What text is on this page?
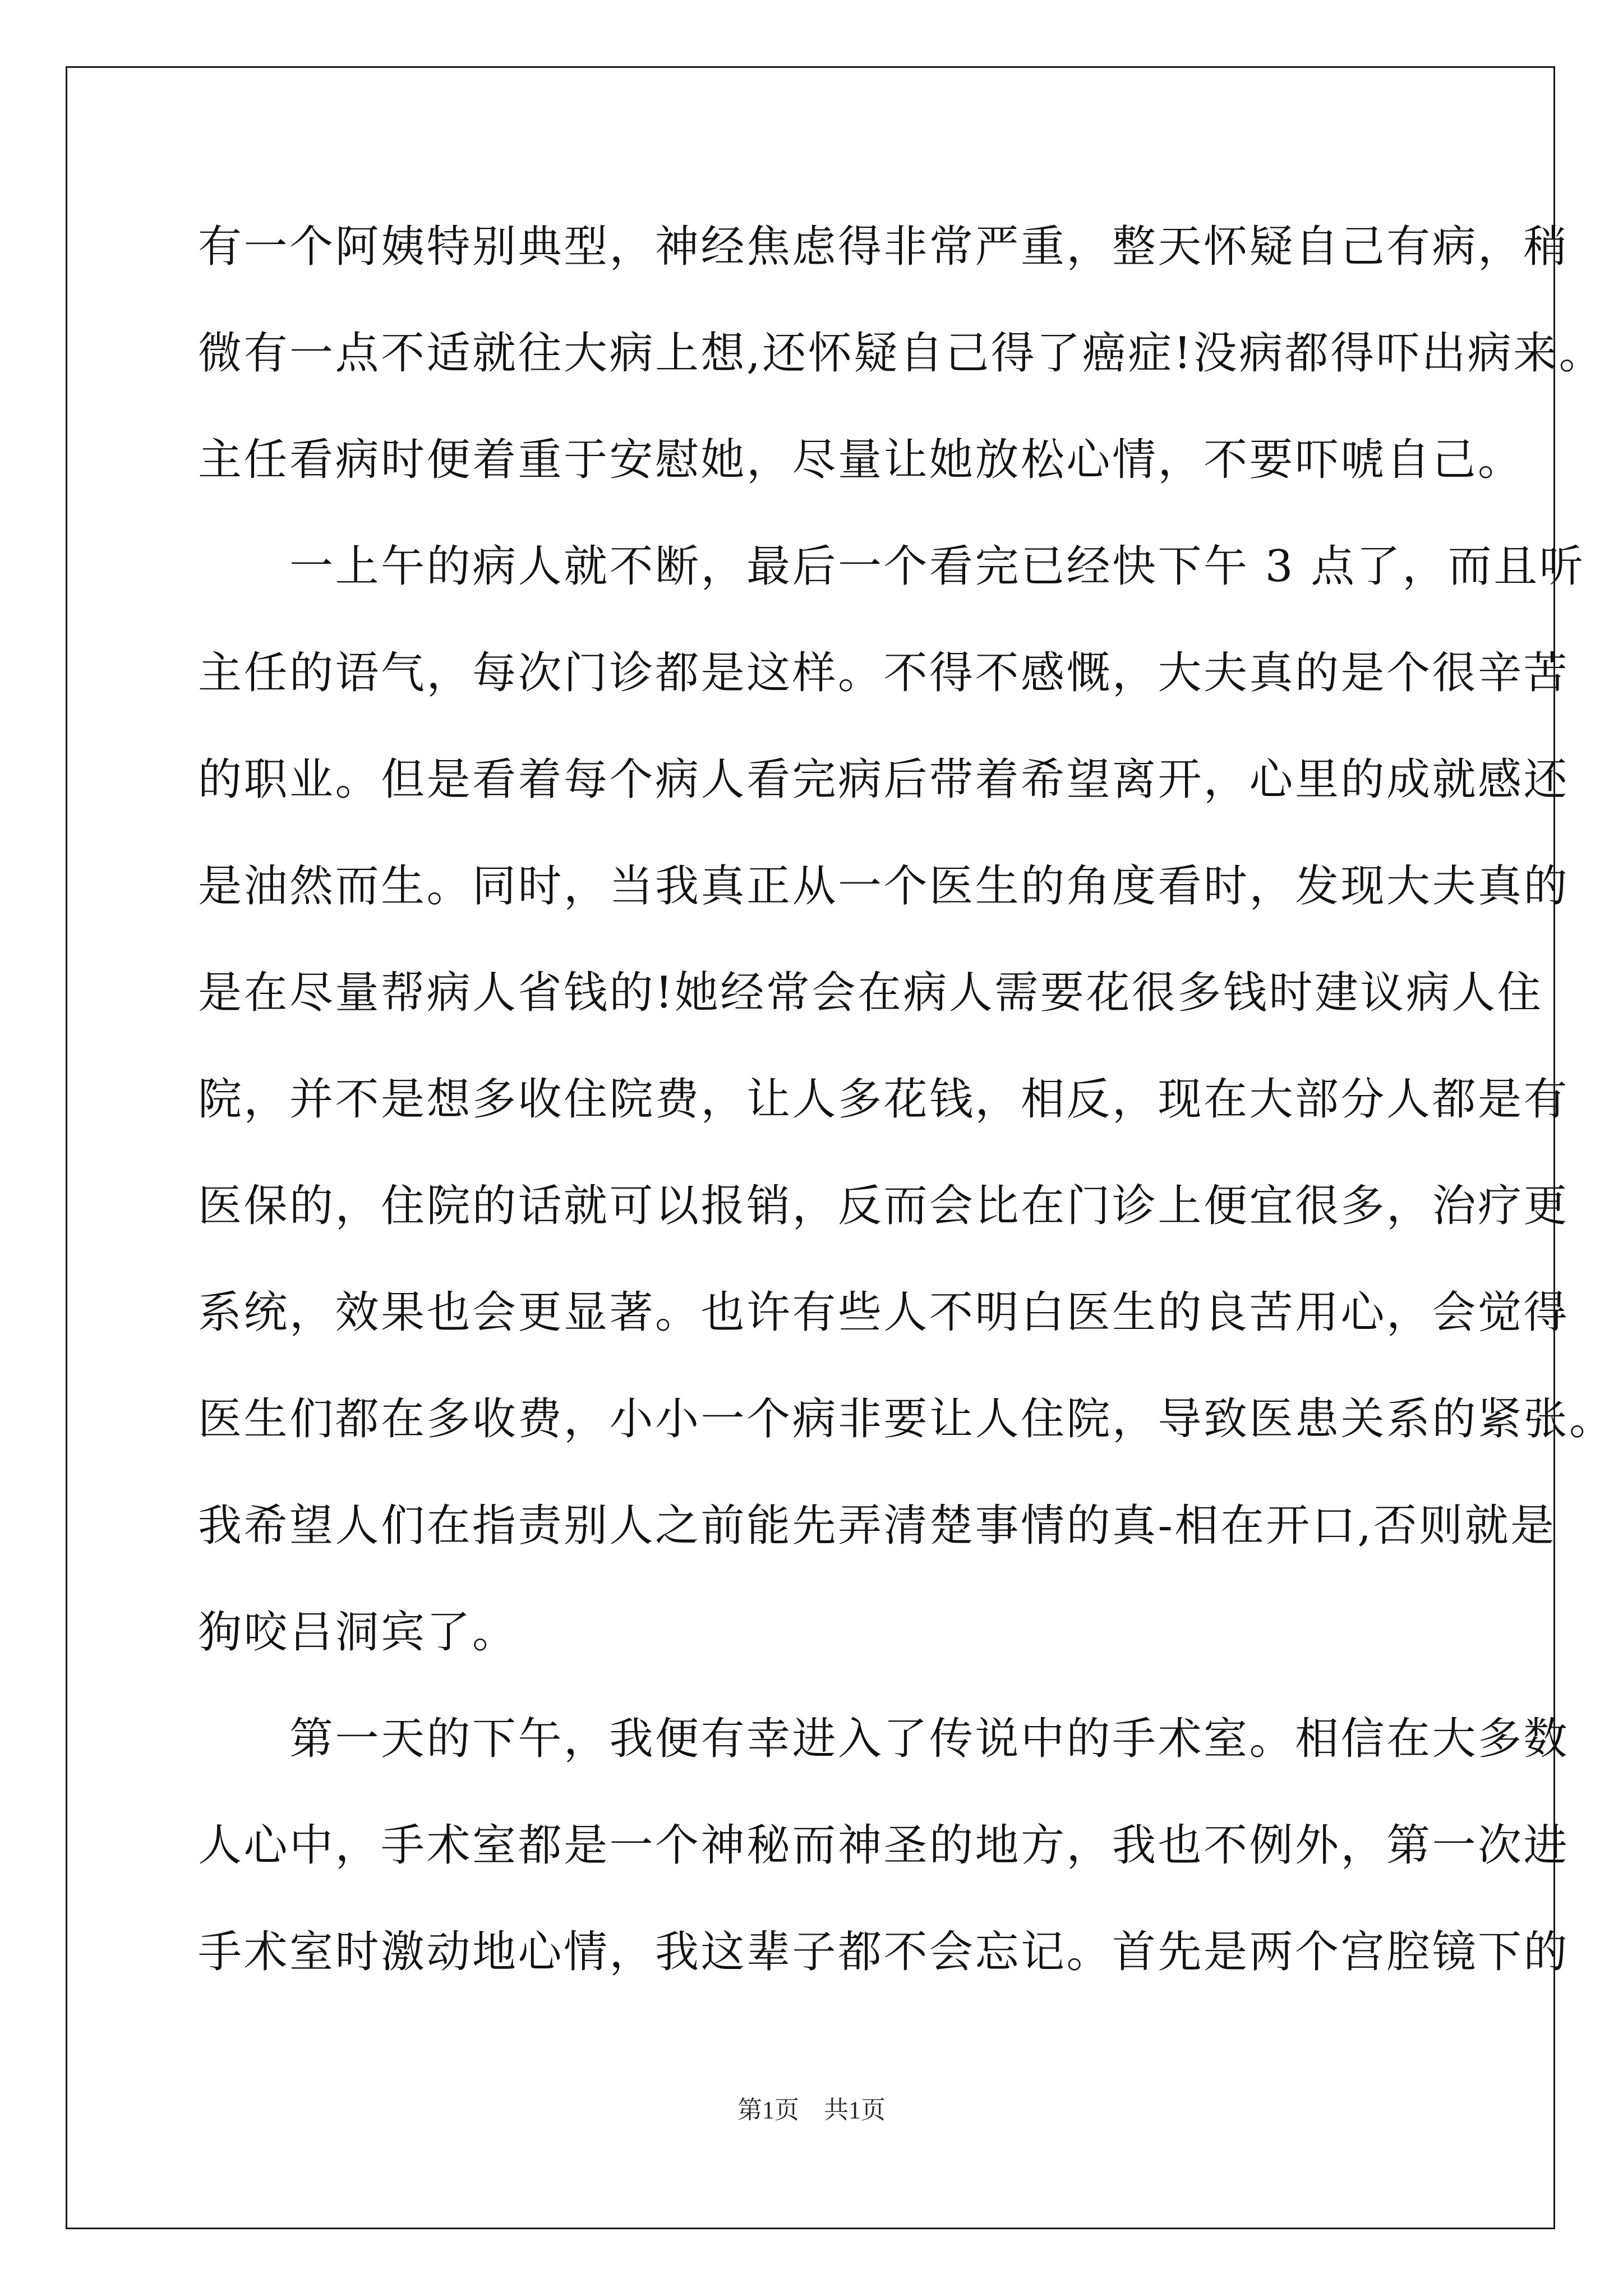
有一个阿姨特别典型，神经焦虑得非常严重，整天怀疑自己有病，稍
微有一点不适就往大病上想,还怀疑自己得了癌症!没病都得吓出病来。
主任看病时便着重于安慰她，尽量让她放松心情，不要吓唬自己。
　　一上午的病人就不断，最后一个看完已经快下午 3 点了，而且听
主任的语气，每次门诊都是这样。不得不感慨，大夫真的是个很辛苦
的职业。但是看着每个病人看完病后带着希望离开，心里的成就感还
是油然而生。同时，当我真正从一个医生的角度看时，发现大夫真的
是在尽量帮病人省钱的!她经常会在病人需要花很多钱时建议病人住
院，并不是想多收住院费，让人多花钱，相反，现在大部分人都是有
医保的，住院的话就可以报销，反而会比在门诊上便宜很多，治疗更
系统，效果也会更显著。也许有些人不明白医生的良苦用心，会觉得
医生们都在多收费，小小一个病非要让人住院，导致医患关系的紧张。
我希望人们在指责别人之前能先弄清楚事情的真-相在开口,否则就是
狗咬吕洞宾了。
　　第一天的下午，我便有幸进入了传说中的手术室。相信在大多数
人心中，手术室都是一个神秘而神圣的地方，我也不例外，第一次进
手术室时激动地心情，我这辈子都不会忘记。首先是两个宫腔镜下的
第1页　共1页
